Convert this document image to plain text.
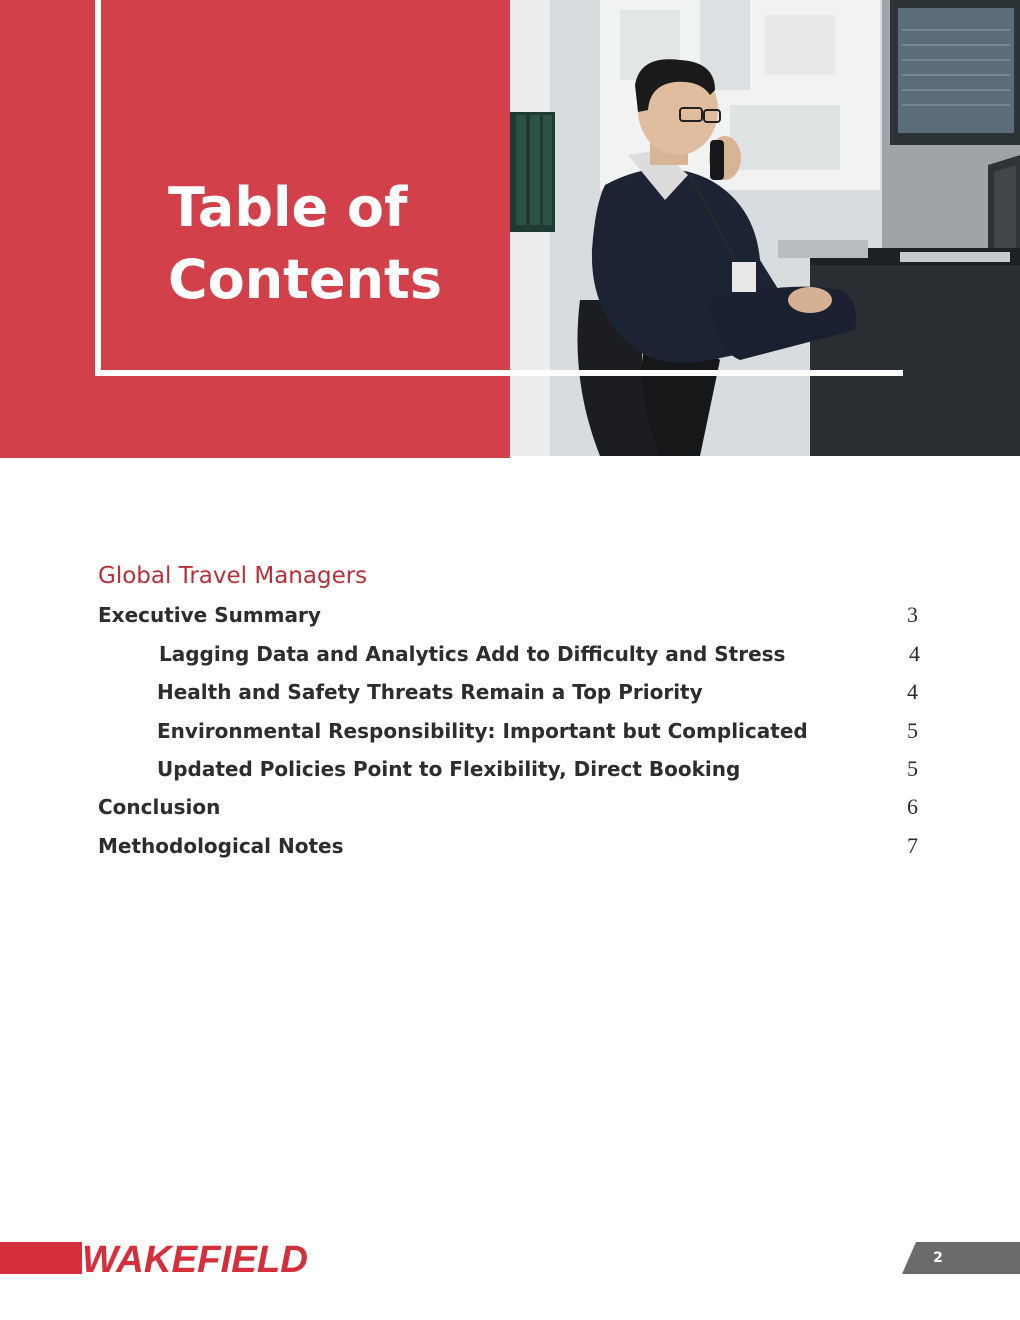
Table of
Contents
Global Travel Managers
Executive Summary	3
Lagging Data and Analytics Add to Difficulty and Stress	4
Health and Safety Threats Remain a Top Priority	4
Environmental Responsibility: Important but Complicated	5
Updated Policies Point to Flexibility, Direct Booking	5
Conclusion	6
Methodological Notes	7
WAKEFIELD	2
